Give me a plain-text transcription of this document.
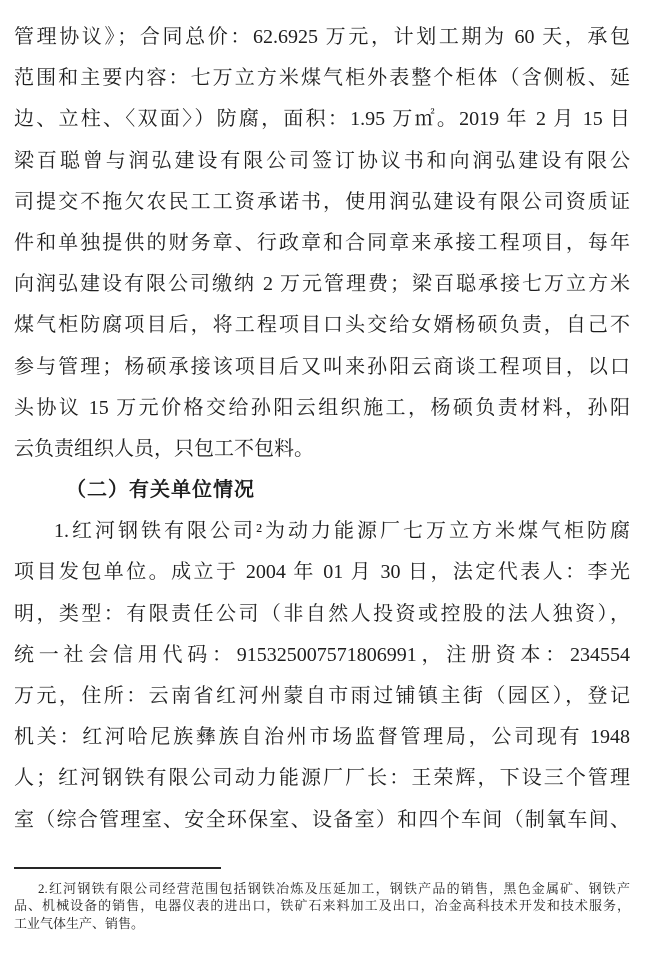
管理协议》；合同总价：62.6925 万元，计划工期为 60 天，承包
范围和主要内容：七万立方米煤气柜外表整个柜体（含侧板、延
边、立柱、〈双面〉）防腐，面积：1.95 万㎡。2019 年 2 月 15 日
梁百聪曾与润弘建设有限公司签订协议书和向润弘建设有限公
司提交不拖欠农民工工资承诺书，使用润弘建设有限公司资质证
件和单独提供的财务章、行政章和合同章来承接工程项目，每年
向润弘建设有限公司缴纳 2 万元管理费；梁百聪承接七万立方米
煤气柜防腐项目后，将工程项目口头交给女婿杨硕负责，自己不
参与管理；杨硕承接该项目后又叫来孙阳云商谈工程项目，以口
头协议 15 万元价格交给孙阳云组织施工，杨硕负责材料，孙阳
云负责组织人员，只包工不包料。
（二）有关单位情况
1.红河钢铁有限公司²为动力能源厂七万立方米煤气柜防腐
项目发包单位。成立于 2004 年 01 月 30 日，法定代表人：李光
明，类型：有限责任公司（非自然人投资或控股的法人独资），
统一社会信用代码：915325007571806991，注册资本：234554
万元，住所：云南省红河州蒙自市雨过铺镇主街（园区），登记
机关：红河哈尼族彝族自治州市场监督管理局，公司现有 1948
人；红河钢铁有限公司动力能源厂厂长：王荣辉，下设三个管理
室（综合管理室、安全环保室、设备室）和四个车间（制氧车间、
2.红河钢铁有限公司经营范围包括钢铁冶炼及压延加工，钢铁产品的销售，黑色金属矿、钢铁产
品、机械设备的销售，电器仪表的进出口，铁矿石来料加工及出口，冶金高科技术开发和技术服务，
工业气体生产、销售。
